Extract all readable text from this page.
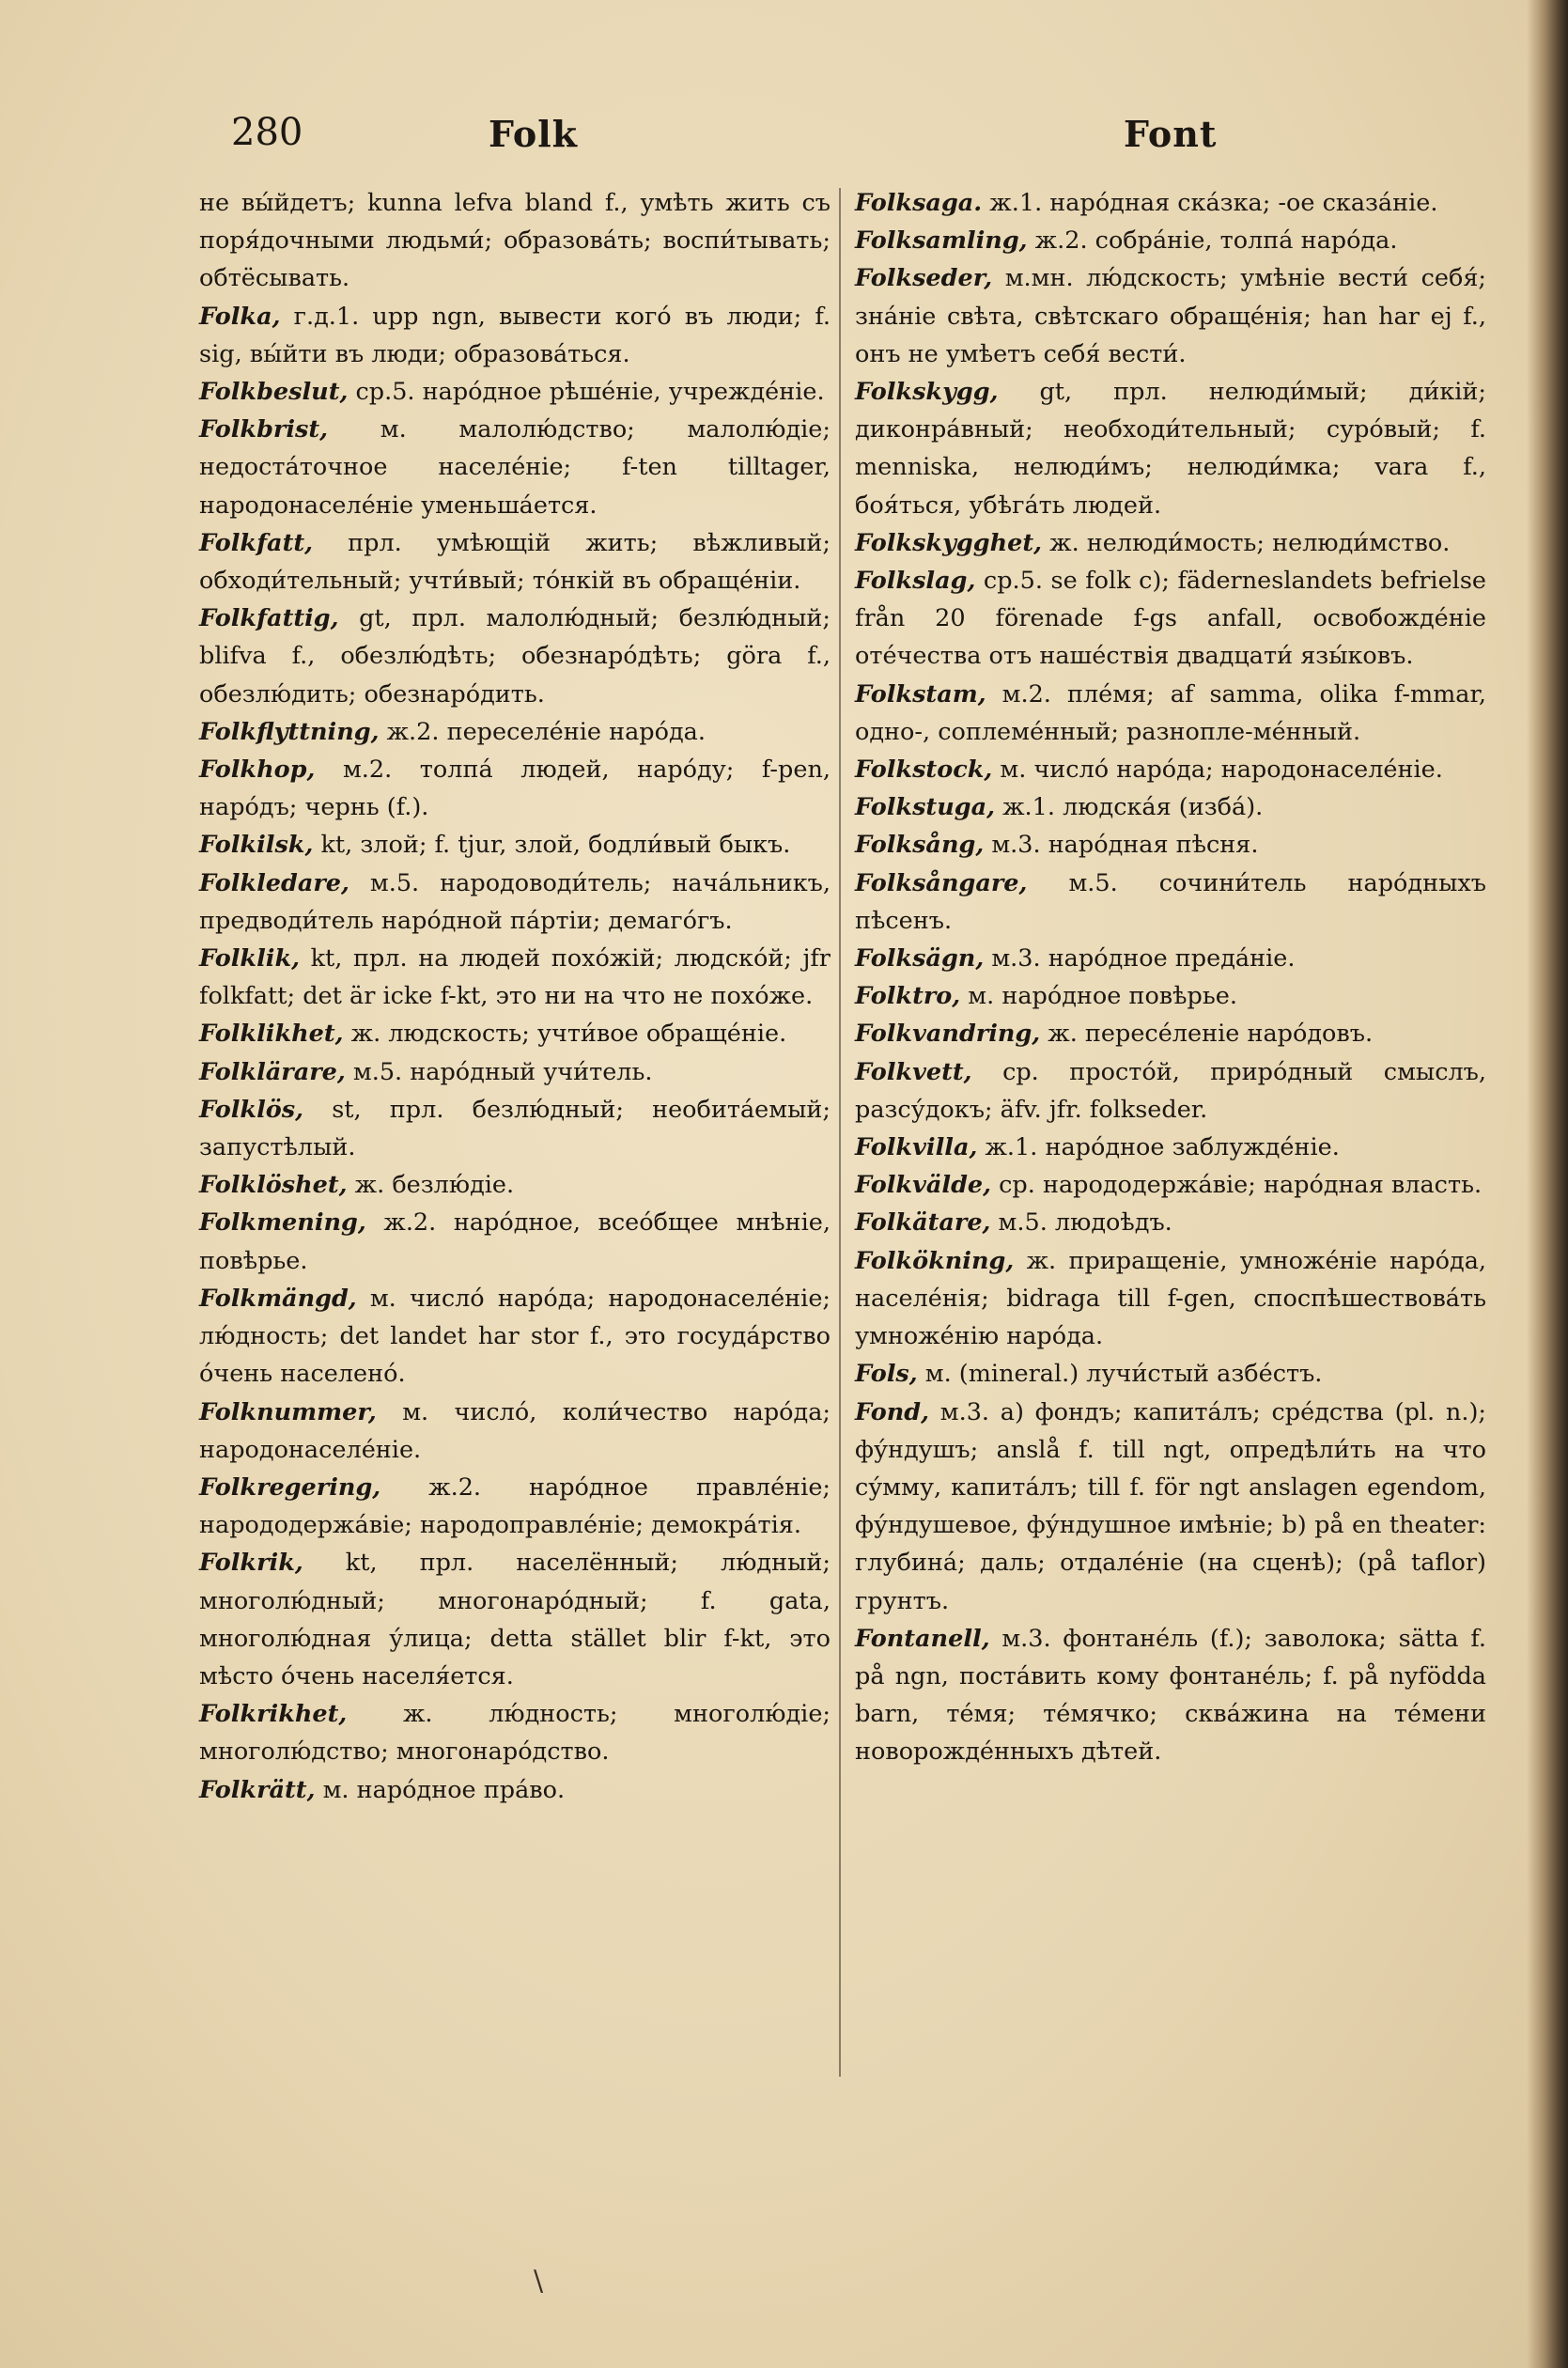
280	Folk	Font

не вы́йдетъ; kunna lefva bland f., умѣть жить съ поря́дочными людьми́; образова́ть; воспи́тывать; обтёсывать.

Folka, г.д.1. upp ngn, вывести кого́ въ люди; f. sig, вы́йти въ люди; образова́ться.

Folkbeslut, ср.5. наро́дное рѣше́ніе, учрежде́ніе.

Folkbrist, м. малолю́дство; малолю́діе; недоста́точное населе́ніе; f-ten tilltager, народонаселе́ніе уменьша́ется.

Folkfatt, прл. умѣющій жить; вѣжливый; обходи́тельный; учти́вый; то́нкій въ обраще́ніи.

Folkfattig, gt, прл. малолю́дный; безлю́дный; blifva f., обезлю́дѣть; обезнаро́дѣть; göra f., обезлю́дить; обезнаро́дить.

Folkflyttning, ж.2. переселе́ніе наро́да.

Folkhop, м.2. толпа́ людей, наро́ду; f-pen, наро́дъ; чернь (f.).

Folkilsk, kt, злой; f. tjur, злой, бодли́вый быкъ.

Folkledare, м.5. народоводи́тель; нача́льникъ, предводи́тель наро́дной па́ртіи; демаго́гъ.

Folklik, kt, прл. на людей похо́жій; людско́й; jfr folkfatt; det är icke f-kt, это ни на что не похо́же.

Folklikhet, ж. людскость; учти́вое обраще́ніе.

Folklärare, м.5. наро́дный учи́тель.

Folklös, st, прл. безлю́дный; необита́емый; запустѣлый.

Folklöshet, ж. безлю́діе.

Folkmening, ж.2. наро́дное, всео́бщее мнѣніе, повѣрье.

Folkmängd, м. число́ наро́да; народонаселе́ніе; лю́дность; det landet har stor f., это госуда́рство о́чень населено́.

Folknummer, м. число́, коли́чество наро́да; народонаселе́ніе.

Folkregering, ж.2. наро́дное правле́ніе; народодержа́віе; народоправле́ніе; демокра́тія.

Folkrik, kt, прл. населённый; лю́дный; многолю́дный; многонаро́дный; f. gata, многолю́дная у́лица; detta stället blir f-kt, это мѣсто о́чень населя́ется.

Folkrikhet, ж. лю́дность; многолю́діе; многолю́дство; многонаро́дство.

Folkrätt, м. наро́дное пра́во.

Folksaga. ж.1. наро́дная ска́зка; -ое сказа́ніе.

Folksamling, ж.2. собра́ніе, толпа́ наро́да.

Folkseder, м.мн. лю́дскость; умѣніе вести́ себя́; зна́ніе свѣта, свѣтскаго обраще́нія; han har ej f., онъ не умѣетъ себя́ вести́.

Folkskygg, gt, прл. нелюди́мый; ди́кій; диконра́вный; необходи́тельный; суро́вый; f. menniska, нелюди́мъ; нелюди́мка; vara f., боя́ться, убѣга́ть людей.

Folkskygghet, ж. нелюди́мость; нелюди́мство.

Folkslag, ср.5. se folk c); fäderneslandets befrielse från 20 förenade f-gs anfall, освобожде́ніе оте́чества отъ наше́ствія двадцати́ язы́ковъ.

Folkstam, м.2. пле́мя; af samma, olika f-mmar, одно-, соплеме́нный; разнопле-ме́нный.

Folkstock, м. число́ наро́да; народонаселе́ніе.

Folkstuga, ж.1. людска́я (изба́).

Folksång, м.3. наро́дная пѣсня.

Folksångare, м.5. сочини́тель наро́дныхъ пѣсенъ.

Folksägn, м.3. наро́дное преда́ніе.

Folktro, м. наро́дное повѣрье.

Folkvandring, ж. пересе́леніе наро́довъ.

Folkvett, ср. просто́й, приро́дный смыслъ, разсу́докъ; äfv. jfr. folkseder.

Folkvilla, ж.1. наро́дное заблужде́ніе.

Folkvälde, ср. народодержа́віе; наро́дная власть.

Folkätare, м.5. людоѣдъ.

Folkökning, ж. приращеніе, умноже́ніе наро́да, населе́нія; bidraga till f-gen, споспѣшествова́ть умноже́нію наро́да.

Fols, м. (mineral.) лучи́стый азбе́стъ.

Fond, м.3. a) фондъ; капита́лъ; сре́дства (pl. n.); фу́ндушъ; anslå f. till ngt, опредѣли́ть на что су́мму, капита́лъ; till f. för ngt anslagen egendom, фу́ндушевое, фу́ндушное имѣніе; b) på en theater: глубина́; даль; отдале́ніе (на сценѣ); (på taflor) грунтъ.

Fontanell, м.3. фонтане́ль (f.); заволока; sätta f. på ngn, поста́вить кому фонтане́ль; f. på nyfödda barn, те́мя; те́мячко; сква́жина на те́мени новорожде́нныхъ дѣтей.

\
